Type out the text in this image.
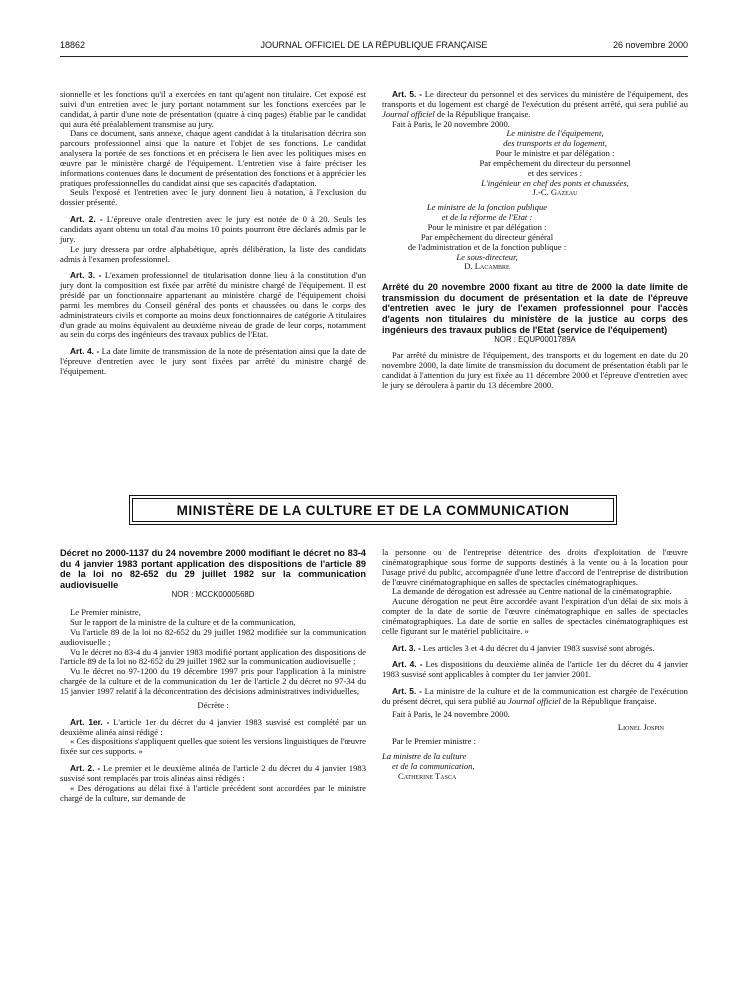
18862	JOURNAL OFFICIEL DE LA RÉPUBLIQUE FRANÇAISE	26 novembre 2000

sionnelle et les fonctions qu'il a exercées en tant qu'agent non titulaire. Cet exposé est suivi d'un entretien avec le jury portant notamment sur les fonctions exercées par le candidat, à partir d'une note de présentation (quatre à cinq pages) établie par le candidat qui aura été préalablement transmise au jury.

Dans ce document, sans annexe, chaque agent candidat à la titularisation décrira son parcours professionnel ainsi que la nature et l'objet de ses fonctions. Le candidat analysera la portée de ses fonctions et en précisera le lien avec les politiques mises en œuvre par le ministère chargé de l'équipement. L'entretien vise à faire préciser les informations contenues dans le document de présentation des fonctions et à apprécier les pratiques professionnelles du candidat ainsi que ses capacités d'adaptation.

Seuls l'exposé et l'entretien avec le jury donnent lieu à notation, à l'exclusion du dossier présenté.

Art. 2. - L'épreuve orale d'entretien avec le jury est notée de 0 à 20. Seuls les candidats ayant obtenu un total d'au moins 10 points pourront être déclarés admis par le jury.

Le jury dressera par ordre alphabétique, après délibération, la liste des candidats admis à l'examen professionnel.

Art. 3. - L'examen professionnel de titularisation donne lieu à la constitution d'un jury dont la composition est fixée par arrêté du ministre chargé de l'équipement. Il est présidé par un fonctionnaire appartenant au ministère chargé de l'équipement choisi parmi les membres du Conseil général des ponts et chaussées ou dans le corps des administrateurs civils et comporte au moins deux fonctionnaires de catégorie A titulaires d'un grade au moins équivalent au deuxième niveau de grade de leur corps, notamment au sein du corps des ingénieurs des travaux publics de l'Etat.

Art. 4. - La date limite de transmission de la note de présentation ainsi que la date de l'épreuve d'entretien avec le jury sont fixées par arrêté du ministre chargé de l'équipement.

Art. 5. - Le directeur du personnel et des services du ministère de l'équipement, des transports et du logement est chargé de l'exécution du présent arrêté, qui sera publié au Journal officiel de la République française.

Fait à Paris, le 20 novembre 2000.

Le ministre de l'équipement,
des transports et du logement,
Pour le ministre et par délégation :
Par empêchement du directeur du personnel
et des services :
L'ingénieur en chef des ponts et chaussées,
J.-C. Gazeau
Le ministre de la fonction publique
et de la réforme de l'Etat :
Pour le ministre et par délégation :
Par empêchement du directeur général
de l'administration et de la fonction publique :
Le sous-directeur,
D. Lacambre

Arrêté du 20 novembre 2000 fixant au titre de 2000 la date limite de transmission du document de présentation et la date de l'épreuve d'entretien avec le jury de l'examen professionnel pour l'accès d'agents non titulaires du ministère de la justice au corps des ingénieurs des travaux publics de l'Etat (service de l'équipement)

NOR : EQUP0001789A

Par arrêté du ministre de l'équipement, des transports et du logement en date du 20 novembre 2000, la date limite de transmission du document de présentation établi par le candidat à l'attention du jury est fixée au 11 décembre 2000 et l'épreuve d'entretien avec le jury se déroulera à partir du 13 décembre 2000.

MINISTÈRE DE LA CULTURE ET DE LA COMMUNICATION

Décret no 2000-1137 du 24 novembre 2000 modifiant le décret no 83-4 du 4 janvier 1983 portant application des dispositions de l'article 89 de la loi no 82-652 du 29 juillet 1982 sur la communication audiovisuelle

NOR : MCCK0000568D

Le Premier ministre,

Sur le rapport de la ministre de la culture et de la communication,

Vu l'article 89 de la loi no 82-652 du 29 juillet 1982 modifiée sur la communication audiovisuelle ;

Vu le décret no 83-4 du 4 janvier 1983 modifié portant application des dispositions de l'article 89 de la loi no 82-652 du 29 juillet 1982 sur la communication audiovisuelle ;

Vu le décret no 97-1200 du 19 décembre 1997 pris pour l'application à la ministre chargée de la culture et de la communication du 1er de l'article 2 du décret no 97-34 du 15 janvier 1997 relatif à la déconcentration des décisions administratives individuelles,

Décrète :

Art. 1er. - L'article 1er du décret du 4 janvier 1983 susvisé est complété par un deuxième alinéa ainsi rédigé :

« Ces dispositions s'appliquent quelles que soient les versions linguistiques de l'œuvre fixée sur ces supports. »

Art. 2. - Le premier et le deuxième alinéa de l'article 2 du décret du 4 janvier 1983 susvisé sont remplacés par trois alinéas ainsi rédigés :

« Des dérogations au délai fixé à l'article précédent sont accordées par le ministre chargé de la culture, sur demande de

la personne ou de l'entreprise détentrice des droits d'exploitation de l'œuvre cinématographique sous forme de supports destinés à la vente ou à la location pour l'usage privé du public, accompagnée d'une lettre d'accord de l'entreprise de distribution de l'œuvre cinématographique en salles de spectacles cinématographiques.

La demande de dérogation est adressée au Centre national de la cinématographie.

Aucune dérogation ne peut être accordée avant l'expiration d'un délai de six mois à compter de la date de sortie de l'œuvre cinématographique en salles de spectacles cinématographiques. La date de sortie en salles de spectacles cinématographiques est celle figurant sur le matériel publicitaire. »

Art. 3. - Les articles 3 et 4 du décret du 4 janvier 1983 susvisé sont abrogés.

Art. 4. - Les dispositions du deuxième alinéa de l'article 1er du décret du 4 janvier 1983 susvisé sont applicables à compter du 1er janvier 2001.

Art. 5. - La ministre de la culture et de la communication est chargée de l'exécution du présent décret, qui sera publié au Journal officiel de la République française.

Fait à Paris, le 24 novembre 2000.

Lionel Jospin

Par le Premier ministre :

La ministre de la culture
et de la communication,
Catherine Tasca
